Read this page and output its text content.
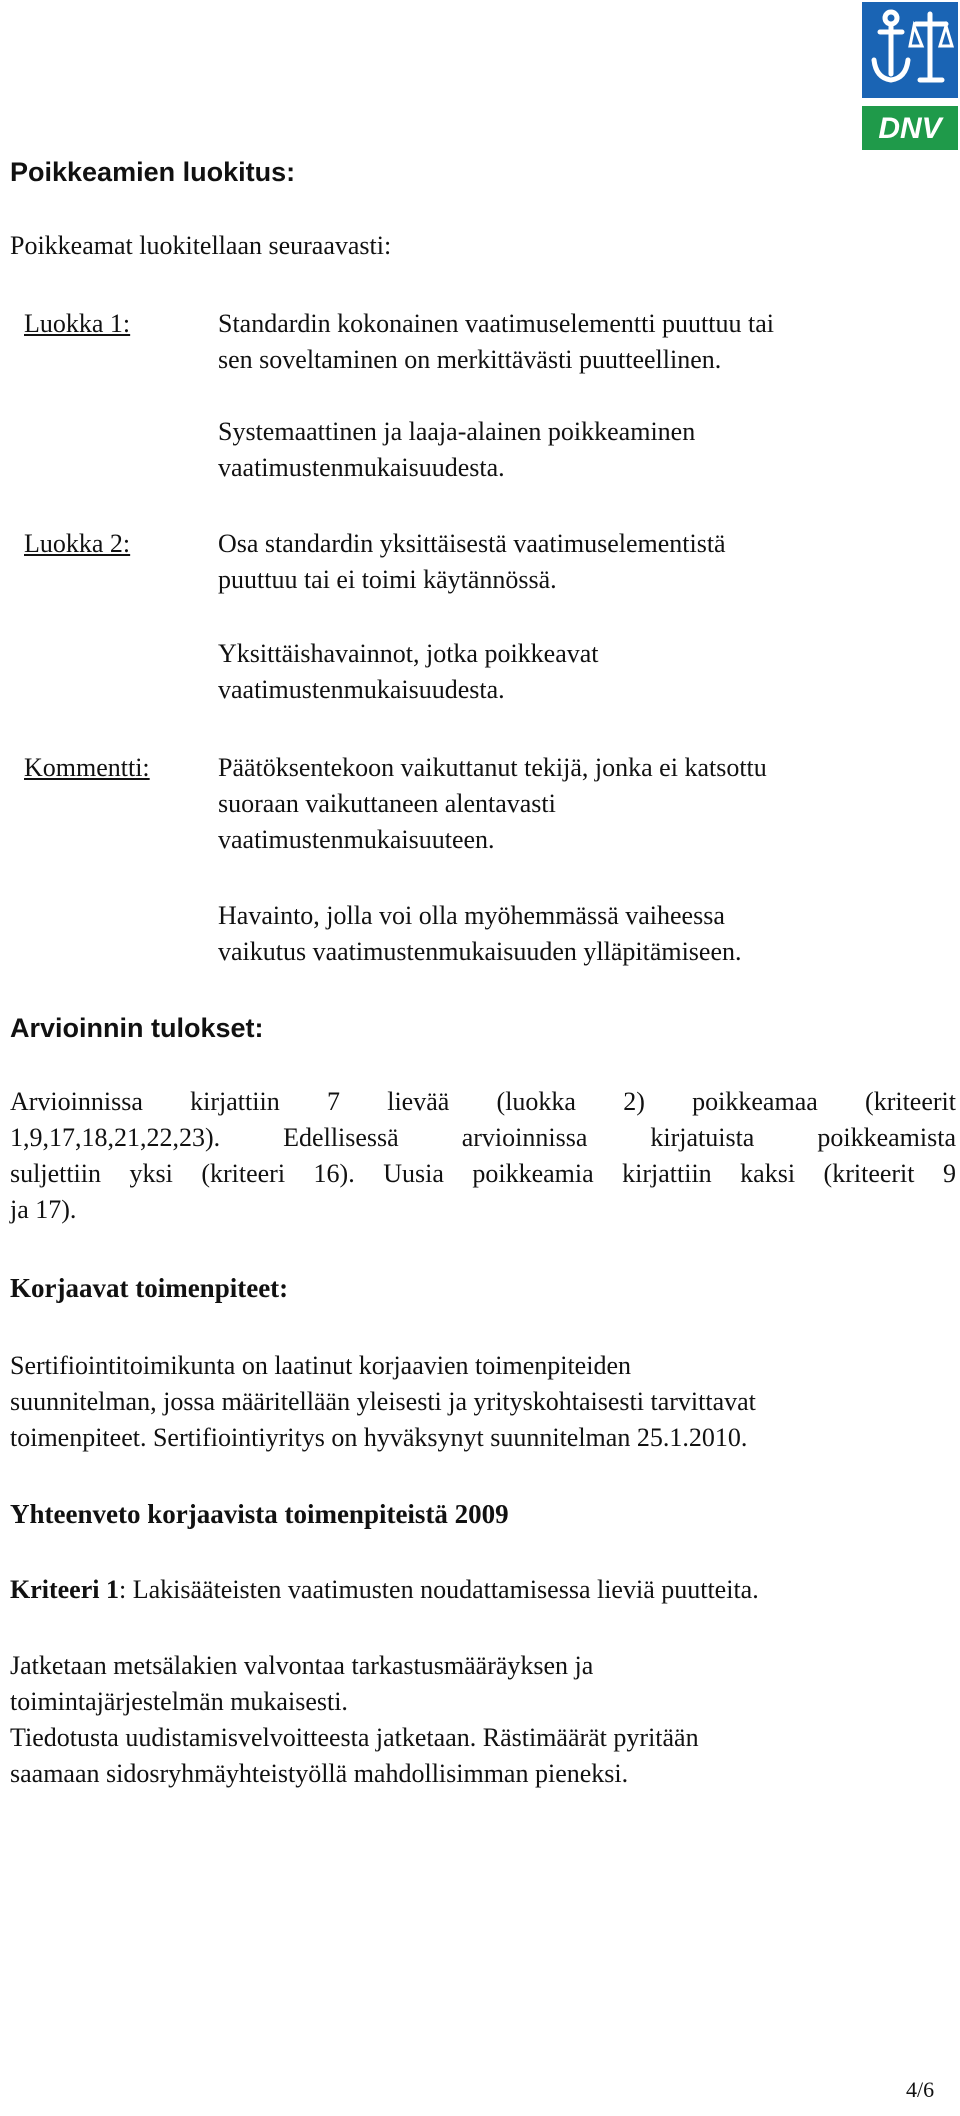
DNV
Poikkeamien luokitus:
Poikkeamat luokitellaan seuraavasti:
Luokka 1:	Standardin kokonainen vaatimuselementti puuttuu tai
sen soveltaminen on merkittävästi puutteellinen.
Systemaattinen ja laaja-alainen poikkeaminen
vaatimustenmukaisuudesta.
Luokka 2:	Osa standardin yksittäisestä vaatimuselementistä
puuttuu tai ei toimi käytännössä.
Yksittäishavainnot, jotka poikkeavat
vaatimustenmukaisuudesta.
Kommentti:	Päätöksentekoon vaikuttanut tekijä, jonka ei katsottu
suoraan vaikuttaneen alentavasti
vaatimustenmukaisuuteen.
Havainto, jolla voi olla myöhemmässä vaiheessa
vaikutus vaatimustenmukaisuuden ylläpitämiseen.
Arvioinnin tulokset:

Arvioinnissa kirjattiin 7 lievää (luokka 2) poikkeamaa (kriteerit

1,9,17,18,21,22,23). Edellisessä arvioinnissa kirjatuista poikkeamista

suljettiin yksi (kriteeri 16). Uusia poikkeamia kirjattiin kaksi (kriteerit 9

ja 17).

Korjaavat toimenpiteet:

Sertifiointitoimikunta on laatinut korjaavien toimenpiteiden

suunnitelman, jossa määritellään yleisesti ja yrityskohtaisesti tarvittavat

toimenpiteet. Sertifiointiyritys on hyväksynyt suunnitelman 25.1.2010.

Yhteenveto korjaavista toimenpiteistä 2009
Kriteeri 1: Lakisääteisten vaatimusten noudattamisessa lieviä puutteita.

Jatketaan metsälakien valvontaa tarkastusmääräyksen ja

toimintajärjestelmän mukaisesti.

Tiedotusta uudistamisvelvoitteesta jatketaan. Rästimäärät pyritään

saamaan sidosryhmäyhteistyöllä mahdollisimman pieneksi.

4/6
